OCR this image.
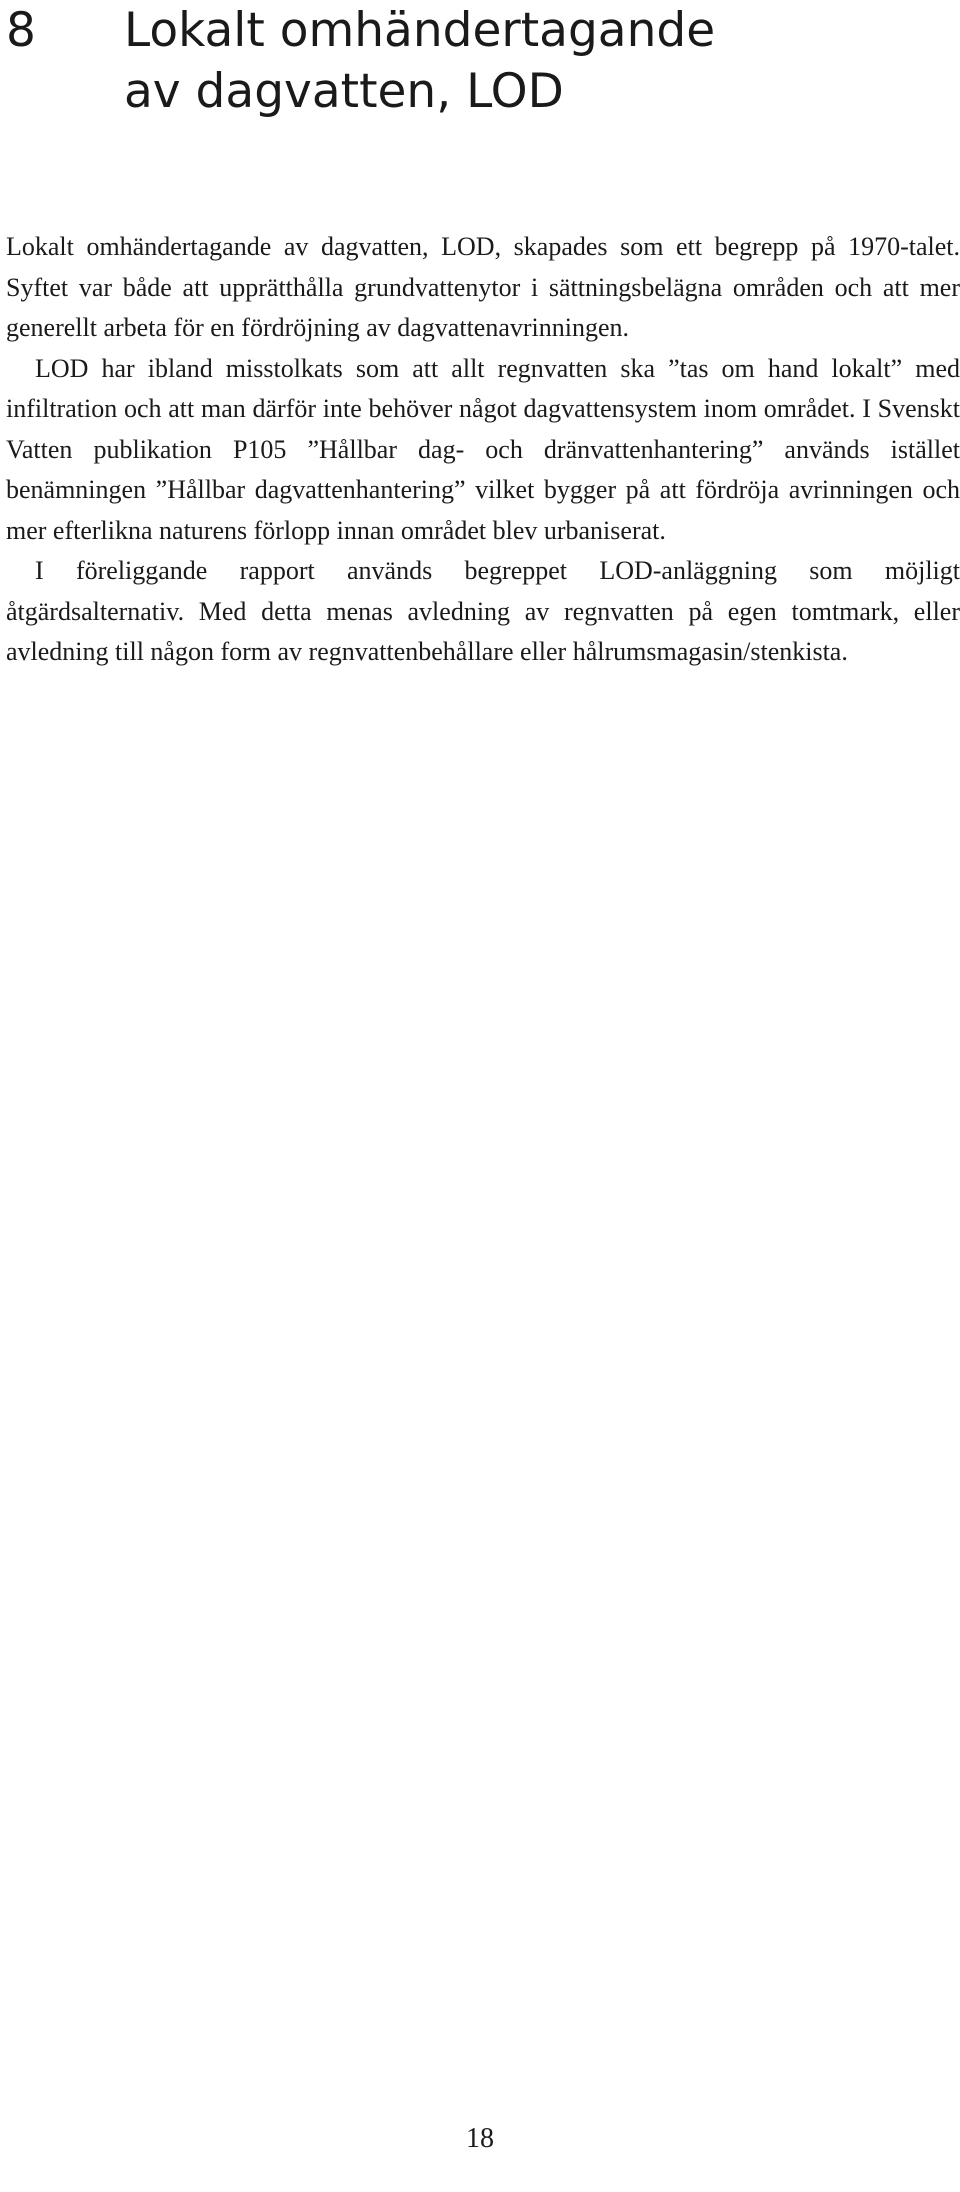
8 Lokalt omhändertagande
av dagvatten, LOD

Lokalt omhändertagande av dagvatten, LOD, skapades som ett begrepp på 1970-talet. Syftet var både att upprätthålla grundvattenytor i sättningsbelägna områden och att mer generellt arbeta för en fördröjning av dagvattenavrinningen.

LOD har ibland misstolkats som att allt regnvatten ska ”tas om hand lokalt” med infiltration och att man därför inte behöver något dagvattensystem inom området. I Svenskt Vatten publikation P105 ”Hållbar dag- och dränvattenhantering” används istället benämningen ”Hållbar dagvattenhantering” vilket bygger på att fördröja avrinningen och mer efterlikna naturens förlopp innan området blev urbaniserat.

I föreliggande rapport används begreppet LOD-anläggning som möjligt åtgärdsalternativ. Med detta menas avledning av regnvatten på egen tomtmark, eller avledning till någon form av regnvattenbehållare eller hålrumsmagasin/stenkista.

18
